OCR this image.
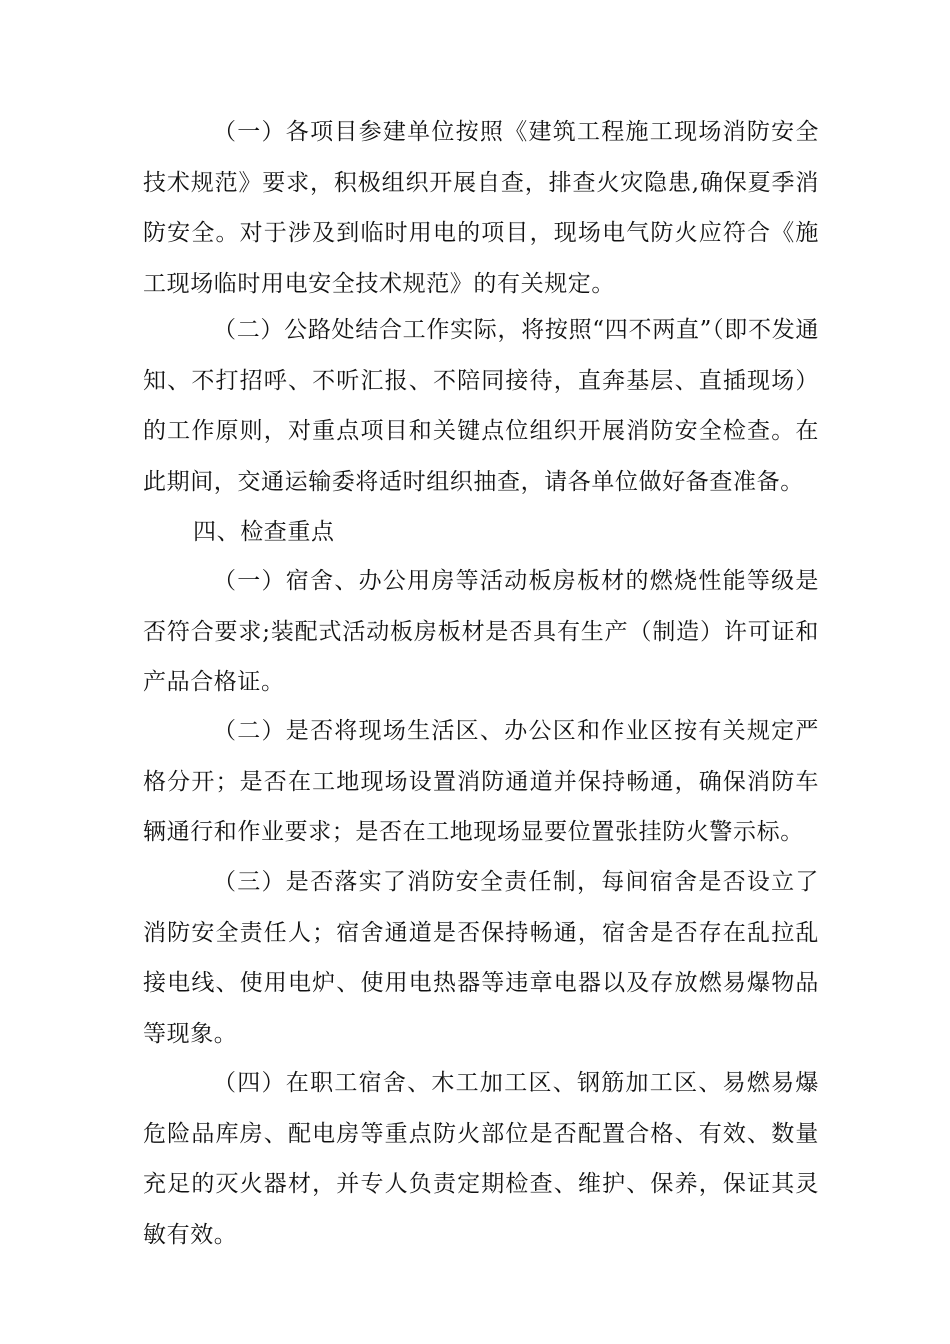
（一）各项目参建单位按照《建筑工程施工现场消防安全技术规范》要求，积极组织开展自查，排查火灾隐患,确保夏季消防安全。对于涉及到临时用电的项目，现场电气防火应符合《施工现场临时用电安全技术规范》的有关规定。

（二）公路处结合工作实际，将按照“四不两直”（即不发通知、不打招呼、不听汇报、不陪同接待，直奔基层、直插现场）的工作原则，对重点项目和关键点位组织开展消防安全检查。在此期间，交通运输委将适时组织抽查，请各单位做好备查准备。

四、检查重点

（一）宿舍、办公用房等活动板房板材的燃烧性能等级是否符合要求;装配式活动板房板材是否具有生产（制造）许可证和产品合格证。

（二）是否将现场生活区、办公区和作业区按有关规定严格分开；是否在工地现场设置消防通道并保持畅通，确保消防车辆通行和作业要求；是否在工地现场显要位置张挂防火警示标。

（三）是否落实了消防安全责任制，每间宿舍是否设立了消防安全责任人；宿舍通道是否保持畅通，宿舍是否存在乱拉乱接电线、使用电炉、使用电热器等违章电器以及存放燃易爆物品等现象。

（四）在职工宿舍、木工加工区、钢筋加工区、易燃易爆危险品库房、配电房等重点防火部位是否配置合格、有效、数量充足的灭火器材，并专人负责定期检查、维护、保养，保证其灵敏有效。
